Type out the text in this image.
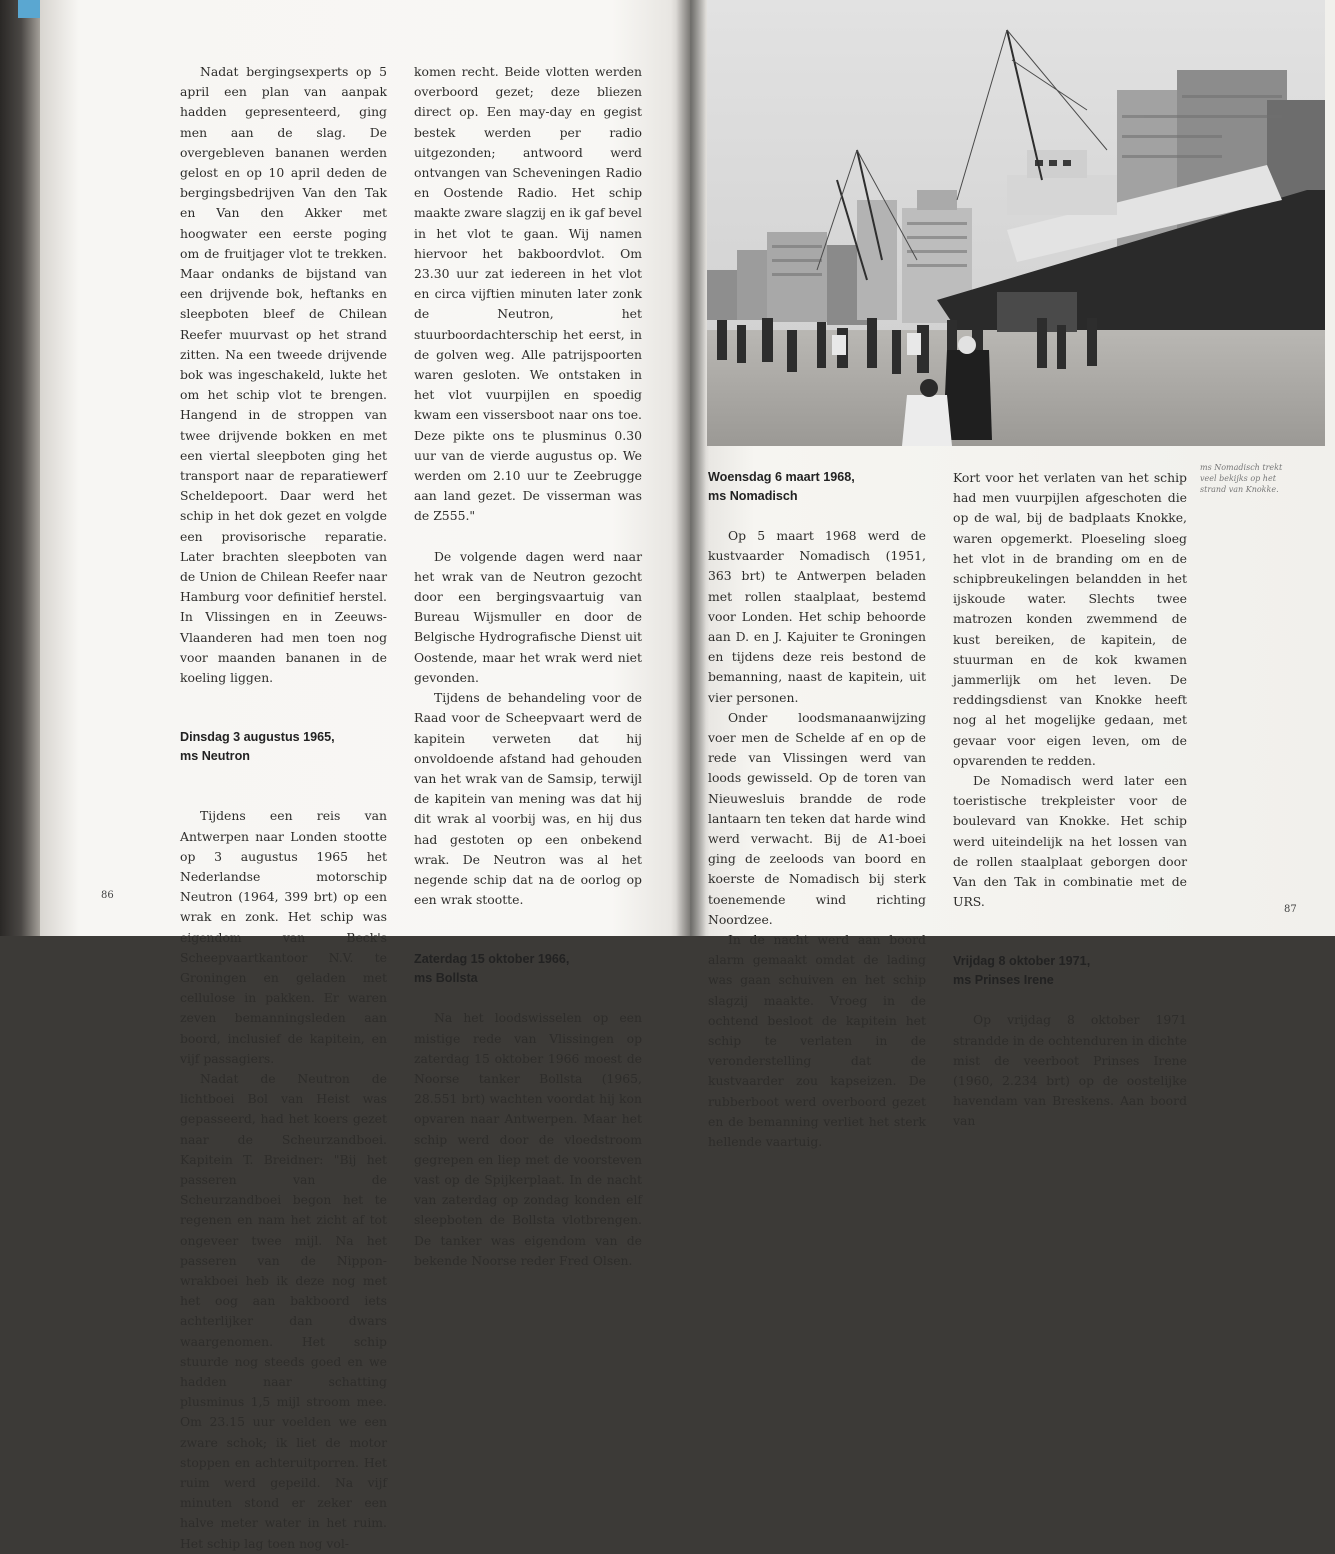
Nadat bergingsexperts op 5 april een plan van aanpak hadden gepresenteerd, ging men aan de slag. De overgebleven bananen werden gelost en op 10 april deden de bergingsbedrijven Van den Tak en Van den Akker met hoogwater een eerste poging om de fruitjager vlot te trekken. Maar ondanks de bijstand van een drijvende bok, heftanks en sleepboten bleef de Chilean Reefer muurvast op het strand zitten. Na een tweede drijvende bok was ingeschakeld, lukte het om het schip vlot te brengen. Hangend in de stroppen van twee drijvende bokken en met een viertal sleepboten ging het transport naar de reparatiewerf Scheldepoort. Daar werd het schip in het dok gezet en volgde een provisorische reparatie. Later brachten sleepboten van de Union de Chilean Reefer naar Hamburg voor definitief herstel. In Vlissingen en in Zeeuws-Vlaanderen had men toen nog voor maanden bananen in de koeling liggen.

Dinsdag 3 augustus 1965,
ms Neutron

Tijdens een reis van Antwerpen naar Londen stootte op 3 augustus 1965 het Nederlandse motorschip Neutron (1964, 399 brt) op een wrak en zonk. Het schip was eigendom van Beck's Scheepvaartkantoor N.V. te Groningen en geladen met cellulose in pakken. Er waren zeven bemanningsleden aan boord, inclusief de kapitein, en vijf passagiers.

Nadat de Neutron de lichtboei Bol van Heist was gepasseerd, had het koers gezet naar de Scheurzandboei. Kapitein T. Breidner: "Bij het passeren van de Scheurzandboei begon het te regenen en nam het zicht af tot ongeveer twee mijl. Na het passeren van de Nippon-wrakboei heb ik deze nog met het oog aan bakboord iets achterlijker dan dwars waargenomen. Het schip stuurde nog steeds goed en we hadden naar schatting plusminus 1,5 mijl stroom mee. Om 23.15 uur voelden we een zware schok; ik liet de motor stoppen en achteruitporren. Het ruim werd gepeild. Na vijf minuten stond er zeker een halve meter water in het ruim. Het schip lag toen nog vol-

komen recht. Beide vlotten werden overboord gezet; deze bliezen direct op. Een may-day en gegist bestek werden per radio uitgezonden; antwoord werd ontvangen van Scheveningen Radio en Oostende Radio. Het schip maakte zware slagzij en ik gaf bevel in het vlot te gaan. Wij namen hiervoor het bakboordvlot. Om 23.30 uur zat iedereen in het vlot en circa vijftien minuten later zonk de Neutron, het stuurboordachterschip het eerst, in de golven weg. Alle patrijspoorten waren gesloten. We ontstaken in het vlot vuurpijlen en spoedig kwam een vissersboot naar ons toe. Deze pikte ons te plusminus 0.30 uur van de vierde augustus op. We werden om 2.10 uur te Zeebrugge aan land gezet. De visserman was de Z555."

De volgende dagen werd naar het wrak van de Neutron gezocht door een bergingsvaartuig van Bureau Wijsmuller en door de Belgische Hydrografische Dienst uit Oostende, maar het wrak werd niet gevonden.

Tijdens de behandeling voor de Raad voor de Scheepvaart werd de kapitein verweten dat hij onvoldoende afstand had gehouden van het wrak van de Samsip, terwijl de kapitein van mening was dat hij dit wrak al voorbij was, en hij dus had gestoten op een onbekend wrak. De Neutron was al het negende schip dat na de oorlog op een wrak stootte.

Zaterdag 15 oktober 1966,
ms Bollsta

Na het loodswisselen op een mistige rede van Vlissingen op zaterdag 15 oktober 1966 moest de Noorse tanker Bollsta (1965, 28.551 brt) wachten voordat hij kon opvaren naar Antwerpen. Maar het schip werd door de vloedstroom gegrepen en liep met de voorsteven vast op de Spijkerplaat. In de nacht van zaterdag op zondag konden elf sleepboten de Bollsta vlotbrengen. De tanker was eigendom van de bekende Noorse reder Fred Olsen.

86
Woensdag 6 maart 1968,
ms Nomadisch

Op 5 maart 1968 werd de kustvaarder Nomadisch (1951, 363 brt) te Antwerpen beladen met rollen staalplaat, bestemd voor Londen. Het schip behoorde aan D. en J. Kajuiter te Groningen en tijdens deze reis bestond de bemanning, naast de kapitein, uit vier personen.

Onder loodsmanaanwijzing voer men de Schelde af en op de rede van Vlissingen werd van loods gewisseld. Op de toren van Nieuwesluis brandde de rode lantaarn ten teken dat harde wind werd verwacht. Bij de A1-boei ging de zeeloods van boord en koerste de Nomadisch bij sterk toenemende wind richting Noordzee.

In de nacht werd aan boord alarm gemaakt omdat de lading was gaan schuiven en het schip slagzij maakte. Vroeg in de ochtend besloot de kapitein het schip te verlaten in de veronderstelling dat de kustvaarder zou kapseizen. De rubberboot werd overboord gezet en de bemanning verliet het sterk hellende vaartuig.

Kort voor het verlaten van het schip had men vuurpijlen afgeschoten die op de wal, bij de badplaats Knokke, waren opgemerkt. Ploeseling sloeg het vlot in de branding om en de schipbreukelingen belandden in het ijskoude water. Slechts twee matrozen konden zwemmend de kust bereiken, de kapitein, de stuurman en de kok kwamen jammerlijk om het leven. De reddingsdienst van Knokke heeft nog al het mogelijke gedaan, met gevaar voor eigen leven, om de opvarenden te redden.

De Nomadisch werd later een toeristische trekpleister voor de boulevard van Knokke. Het schip werd uiteindelijk na het lossen van de rollen staalplaat geborgen door Van den Tak in combinatie met de URS.

Vrijdag 8 oktober 1971,
ms Prinses Irene

Op vrijdag 8 oktober 1971 strandde in de ochtenduren in dichte mist de veerboot Prinses Irene (1960, 2.234 brt) op de oostelijke havendam van Breskens. Aan boord van

ms Nomadisch trekt veel bekijks op het strand van Knokke.
87
